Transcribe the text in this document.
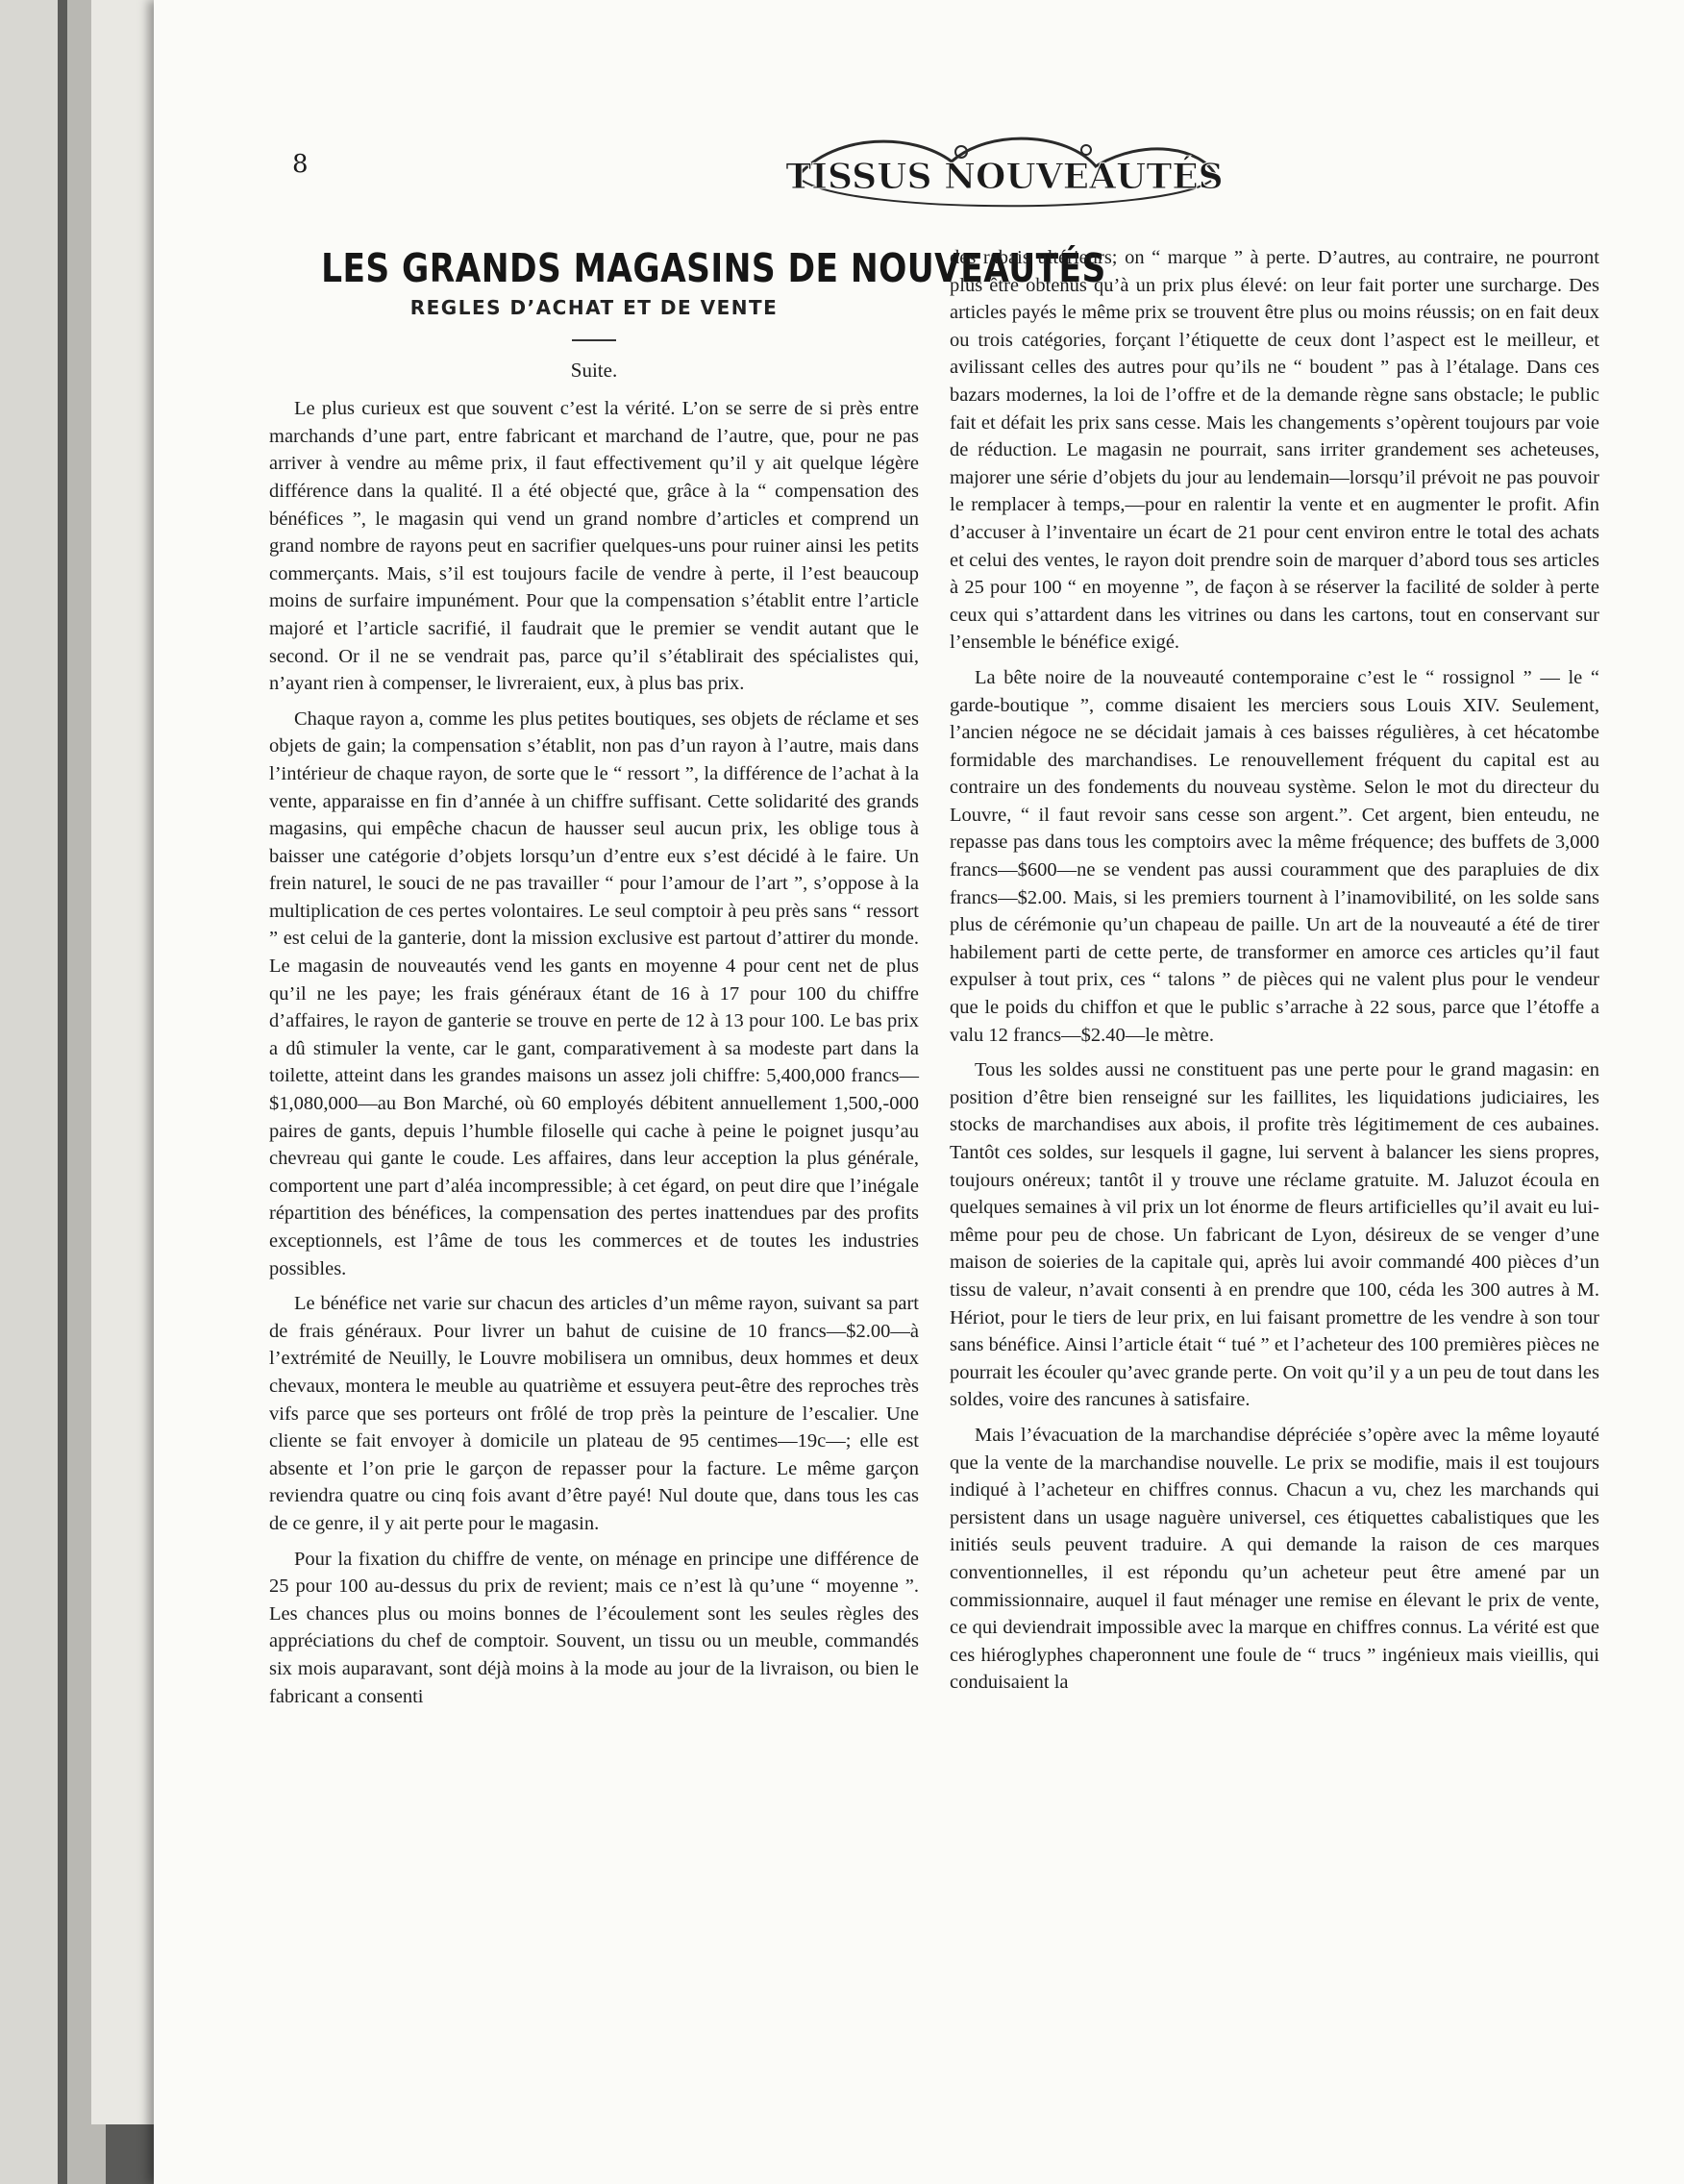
8	TISSUS NOUVEAUTÉS
LES GRANDS MAGASINS DE NOUVEAUTÉS
REGLES D’ACHAT ET DE VENTE
Suite.

Le plus curieux est que souvent c’est la vérité. L’on se serre de si près entre marchands d’une part, entre fabricant et marchand de l’autre, que, pour ne pas arriver à vendre au même prix, il faut effectivement qu’il y ait quelque légère différence dans la qualité. Il a été objecté que, grâce à la “ compensation des bénéfices ”, le magasin qui vend un grand nombre d’articles et comprend un grand nombre de rayons peut en sacrifier quelques-uns pour ruiner ainsi les petits commerçants. Mais, s’il est toujours facile de vendre à perte, il l’est beaucoup moins de surfaire impunément. Pour que la compensation s’établit entre l’article majoré et l’article sacrifié, il faudrait que le premier se vendit autant que le second. Or il ne se vendrait pas, parce qu’il s’établirait des spécialistes qui, n’ayant rien à compenser, le livreraient, eux, à plus bas prix.

Chaque rayon a, comme les plus petites boutiques, ses objets de réclame et ses objets de gain; la compensation s’établit, non pas d’un rayon à l’autre, mais dans l’intérieur de chaque rayon, de sorte que le “ ressort ”, la différence de l’achat à la vente, apparaisse en fin d’année à un chiffre suffisant. Cette solidarité des grands magasins, qui empêche chacun de hausser seul aucun prix, les oblige tous à baisser une catégorie d’objets lorsqu’un d’entre eux s’est décidé à le faire. Un frein naturel, le souci de ne pas travailler “ pour l’amour de l’art ”, s’oppose à la multiplication de ces pertes volontaires. Le seul comptoir à peu près sans “ ressort ” est celui de la ganterie, dont la mission exclusive est partout d’attirer du monde. Le magasin de nouveautés vend les gants en moyenne 4 pour cent net de plus qu’il ne les paye; les frais généraux étant de 16 à 17 pour 100 du chiffre d’affaires, le rayon de ganterie se trouve en perte de 12 à 13 pour 100. Le bas prix a dû stimuler la vente, car le gant, comparativement à sa modeste part dans la toilette, atteint dans les grandes maisons un assez joli chiffre: 5,400,000 francs—$1,080,000—au Bon Marché, où 60 employés débitent annuellement 1,500,-000 paires de gants, depuis l’humble filoselle qui cache à peine le poignet jusqu’au chevreau qui gante le coude. Les affaires, dans leur acception la plus générale, comportent une part d’aléa incompressible; à cet égard, on peut dire que l’inégale répartition des bénéfices, la compensation des pertes inattendues par des profits exceptionnels, est l’âme de tous les commerces et de toutes les industries possibles.

Le bénéfice net varie sur chacun des articles d’un même rayon, suivant sa part de frais généraux. Pour livrer un bahut de cuisine de 10 francs—$2.00—à l’extrémité de Neuilly, le Louvre mobilisera un omnibus, deux hommes et deux chevaux, montera le meuble au quatrième et essuyera peut-être des reproches très vifs parce que ses porteurs ont frôlé de trop près la peinture de l’escalier. Une cliente se fait envoyer à domicile un plateau de 95 centimes—19c—; elle est absente et l’on prie le garçon de repasser pour la facture. Le même garçon reviendra quatre ou cinq fois avant d’être payé! Nul doute que, dans tous les cas de ce genre, il y ait perte pour le magasin.

Pour la fixation du chiffre de vente, on ménage en principe une différence de 25 pour 100 au-dessus du prix de revient; mais ce n’est là qu’une “ moyenne ”. Les chances plus ou moins bonnes de l’écoulement sont les seules règles des appréciations du chef de comptoir. Souvent, un tissu ou un meuble, commandés six mois auparavant, sont déjà moins à la mode au jour de la livraison, ou bien le fabricant a consenti

des rabais ultérieurs; on “ marque ” à perte. D’autres, au contraire, ne pourront plus être obtenus qu’à un prix plus élevé: on leur fait porter une surcharge. Des articles payés le même prix se trouvent être plus ou moins réussis; on en fait deux ou trois catégories, forçant l’étiquette de ceux dont l’aspect est le meilleur, et avilissant celles des autres pour qu’ils ne “ boudent ” pas à l’étalage. Dans ces bazars modernes, la loi de l’offre et de la demande règne sans obstacle; le public fait et défait les prix sans cesse. Mais les changements s’opèrent toujours par voie de réduction. Le magasin ne pourrait, sans irriter grandement ses acheteuses, majorer une série d’objets du jour au lendemain—lorsqu’il prévoit ne pas pouvoir le remplacer à temps,—pour en ralentir la vente et en augmenter le profit. Afin d’accuser à l’inventaire un écart de 21 pour cent environ entre le total des achats et celui des ventes, le rayon doit prendre soin de marquer d’abord tous ses articles à 25 pour 100 “ en moyenne ”, de façon à se réserver la facilité de solder à perte ceux qui s’attardent dans les vitrines ou dans les cartons, tout en conservant sur l’ensemble le bénéfice exigé.

La bête noire de la nouveauté contemporaine c’est le “ rossignol ” — le “ garde-boutique ”, comme disaient les merciers sous Louis XIV. Seulement, l’ancien négoce ne se décidait jamais à ces baisses régulières, à cet hécatombe formidable des marchandises. Le renouvellement fréquent du capital est au contraire un des fondements du nouveau système. Selon le mot du directeur du Louvre, “ il faut revoir sans cesse son argent.”. Cet argent, bien enteudu, ne repasse pas dans tous les comptoirs avec la même fréquence; des buffets de 3,000 francs—$600—ne se vendent pas aussi couramment que des parapluies de dix francs—$2.00. Mais, si les premiers tournent à l’inamovibilité, on les solde sans plus de cérémonie qu’un chapeau de paille. Un art de la nouveauté a été de tirer habilement parti de cette perte, de transformer en amorce ces articles qu’il faut expulser à tout prix, ces “ talons ” de pièces qui ne valent plus pour le vendeur que le poids du chiffon et que le public s’arrache à 22 sous, parce que l’étoffe a valu 12 francs—$2.40—le mètre.

Tous les soldes aussi ne constituent pas une perte pour le grand magasin: en position d’être bien renseigné sur les faillites, les liquidations judiciaires, les stocks de marchandises aux abois, il profite très légitimement de ces aubaines. Tantôt ces soldes, sur lesquels il gagne, lui servent à balancer les siens propres, toujours onéreux; tantôt il y trouve une réclame gratuite. M. Jaluzot écoula en quelques semaines à vil prix un lot énorme de fleurs artificielles qu’il avait eu lui-même pour peu de chose. Un fabricant de Lyon, désireux de se venger d’une maison de soieries de la capitale qui, après lui avoir commandé 400 pièces d’un tissu de valeur, n’avait consenti à en prendre que 100, céda les 300 autres à M. Hériot, pour le tiers de leur prix, en lui faisant promettre de les vendre à son tour sans bénéfice. Ainsi l’article était “ tué ” et l’acheteur des 100 premières pièces ne pourrait les écouler qu’avec grande perte. On voit qu’il y a un peu de tout dans les soldes, voire des rancunes à satisfaire.

Mais l’évacuation de la marchandise dépréciée s’opère avec la même loyauté que la vente de la marchandise nouvelle. Le prix se modifie, mais il est toujours indiqué à l’acheteur en chiffres connus. Chacun a vu, chez les marchands qui persistent dans un usage naguère universel, ces étiquettes cabalistiques que les initiés seuls peuvent traduire. A qui demande la raison de ces marques conventionnelles, il est répondu qu’un acheteur peut être amené par un commissionnaire, auquel il faut ménager une remise en élevant le prix de vente, ce qui deviendrait impossible avec la marque en chiffres connus. La vérité est que ces hiéroglyphes chaperonnent une foule de “ trucs ” ingénieux mais vieillis, qui conduisaient la
